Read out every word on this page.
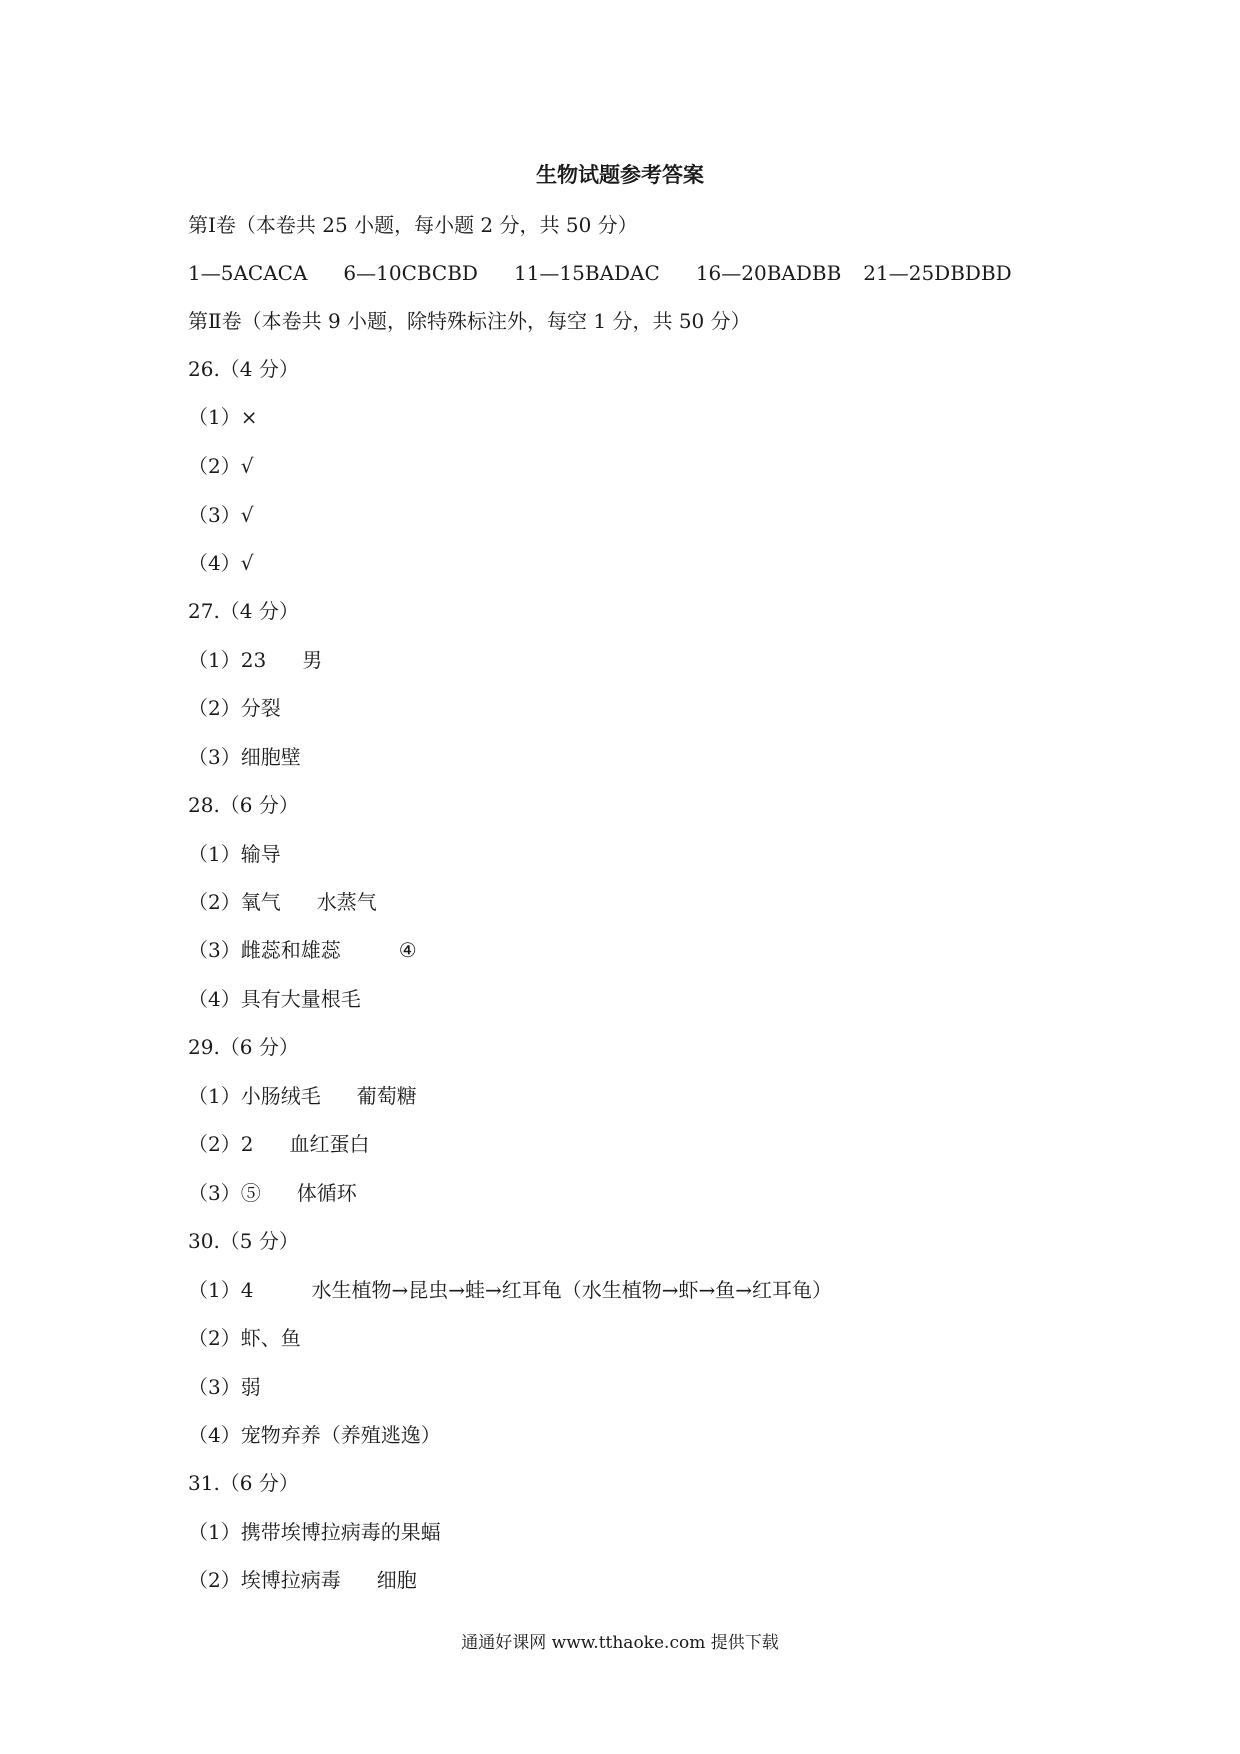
生物试题参考答案
第Ⅰ卷（本卷共 25 小题，每小题 2 分，共 50 分）
1—5ACACA 6—10CBCBD 11—15BADAC 16—20BADBB 21—25DBDBD
第Ⅱ卷（本卷共 9 小题，除特殊标注外，每空 1 分，共 50 分）
26.（4 分）
（1）×
（2）√
（3）√
（4）√
27.（4 分）
（1）23 男
（2）分裂
（3）细胞壁
28.（6 分）
（1）输导
（2）氧气 水蒸气
（3）雌蕊和雄蕊	④
（4）具有大量根毛
29.（6 分）
（1）小肠绒毛 葡萄糖
（2）2 血红蛋白
（3）⑤ 体循环
30.（5 分）
（1）4	水生植物→昆虫→蛙→红耳龟（水生植物→虾→鱼→红耳龟）
（2）虾、鱼
（3）弱
（4）宠物弃养（养殖逃逸）
31.（6 分）
（1）携带埃博拉病毒的果蝠
（2）埃博拉病毒 细胞
通通好课网 www.tthaoke.com 提供下载
